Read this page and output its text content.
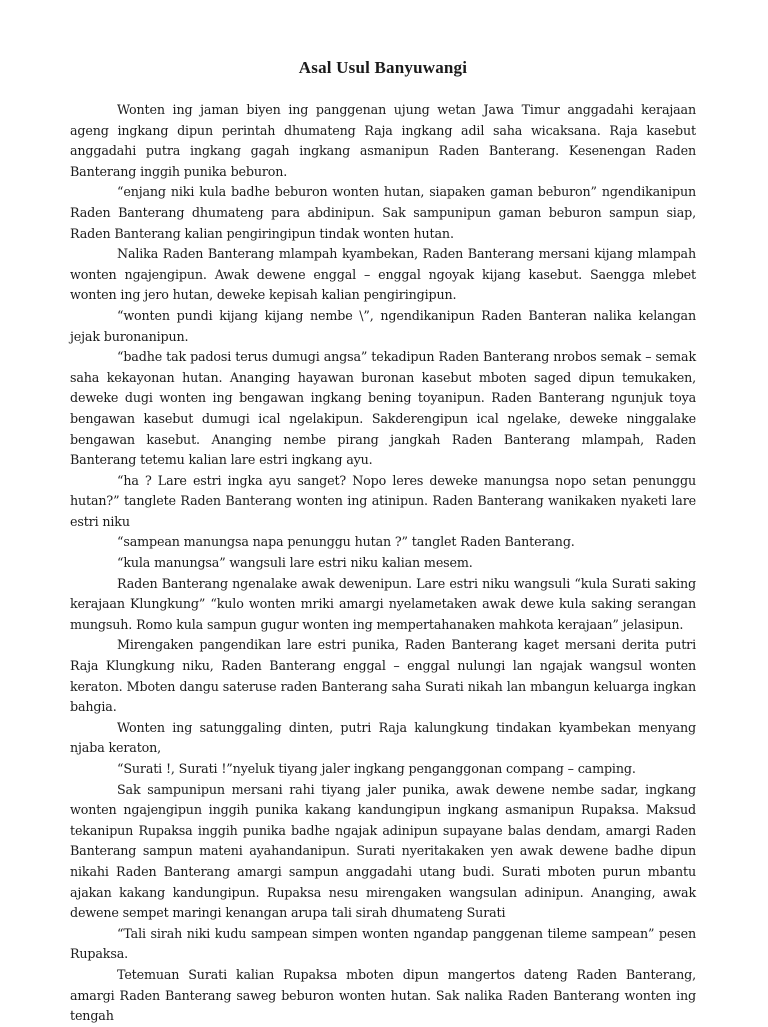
Asal Usul Banyuwangi

Wonten ing jaman biyen ing panggenan ujung wetan Jawa Timur anggadahi kerajaan ageng ingkang dipun perintah dhumateng Raja ingkang adil saha wicaksana. Raja kasebut anggadahi putra ingkang gagah ingkang asmanipun Raden Banterang. Kesenengan Raden Banterang inggih punika beburon.

“enjang niki kula badhe beburon wonten hutan, siapaken gaman beburon” ngendikanipun Raden Banterang dhumateng para abdinipun. Sak sampunipun gaman beburon sampun siap, Raden Banterang kalian pengiringipun tindak wonten hutan.

Nalika Raden Banterang mlampah kyambekan, Raden Banterang mersani kijang mlampah wonten ngajengipun. Awak dewene enggal – enggal ngoyak kijang kasebut. Saengga mlebet wonten ing jero hutan, deweke kepisah kalian pengiringipun.

“wonten pundi kijang kijang nembe \”, ngendikanipun Raden Banteran nalika kelangan jejak buronanipun.

“badhe tak padosi terus dumugi angsa” tekadipun Raden Banterang nrobos semak – semak saha kekayonan hutan. Ananging hayawan buronan kasebut mboten saged dipun temukaken, deweke dugi wonten ing bengawan ingkang bening toyanipun. Raden Banterang ngunjuk toya bengawan kasebut dumugi ical ngelakipun. Sakderengipun ical ngelake, deweke ninggalake bengawan kasebut. Ananging nembe pirang jangkah Raden Banterang mlampah, Raden Banterang tetemu kalian lare estri ingkang ayu.

“ha ? Lare estri ingka ayu sanget? Nopo leres deweke manungsa nopo setan penunggu hutan?” tanglete Raden Banterang wonten ing atinipun. Raden Banterang wanikaken nyaketi lare estri niku

“sampean manungsa napa penunggu hutan ?” tanglet Raden Banterang.

“kula manungsa” wangsuli lare estri niku kalian mesem.

Raden Banterang ngenalake awak dewenipun. Lare estri niku wangsuli “kula Surati saking kerajaan Klungkung” “kulo wonten mriki amargi nyelametaken awak dewe kula saking serangan mungsuh. Romo kula sampun gugur wonten ing mempertahanaken mahkota kerajaan” jelasipun.

Mirengaken pangendikan lare estri punika, Raden Banterang kaget mersani derita putri Raja Klungkung niku, Raden Banterang enggal – enggal nulungi lan ngajak wangsul wonten keraton. Mboten dangu sateruse raden Banterang saha Surati nikah lan mbangun keluarga ingkan bahgia.

Wonten ing satunggaling dinten, putri Raja kalungkung tindakan kyambekan menyang njaba keraton,

“Surati !, Surati !”nyeluk tiyang jaler ingkang penganggonan compang – camping.

Sak sampunipun mersani rahi tiyang jaler punika, awak dewene nembe sadar, ingkang wonten ngajengipun inggih punika kakang kandungipun ingkang asmanipun Rupaksa. Maksud tekanipun Rupaksa inggih punika badhe ngajak adinipun supayane balas dendam, amargi Raden Banterang sampun mateni ayahandanipun. Surati nyeritakaken yen awak dewene badhe dipun nikahi Raden Banterang amargi sampun anggadahi utang budi. Surati mboten purun mbantu ajakan kakang kandungipun. Rupaksa nesu mirengaken wangsulan adinipun. Ananging, awak dewene sempet maringi kenangan arupa tali sirah dhumateng Surati

“Tali sirah niki kudu sampean simpen wonten ngandap panggenan tileme sampean” pesen Rupaksa.

Tetemuan Surati kalian Rupaksa mboten dipun mangertos dateng Raden Banterang, amargi Raden Banterang saweg beburon wonten hutan. Sak nalika Raden Banterang wonten ing tengah
